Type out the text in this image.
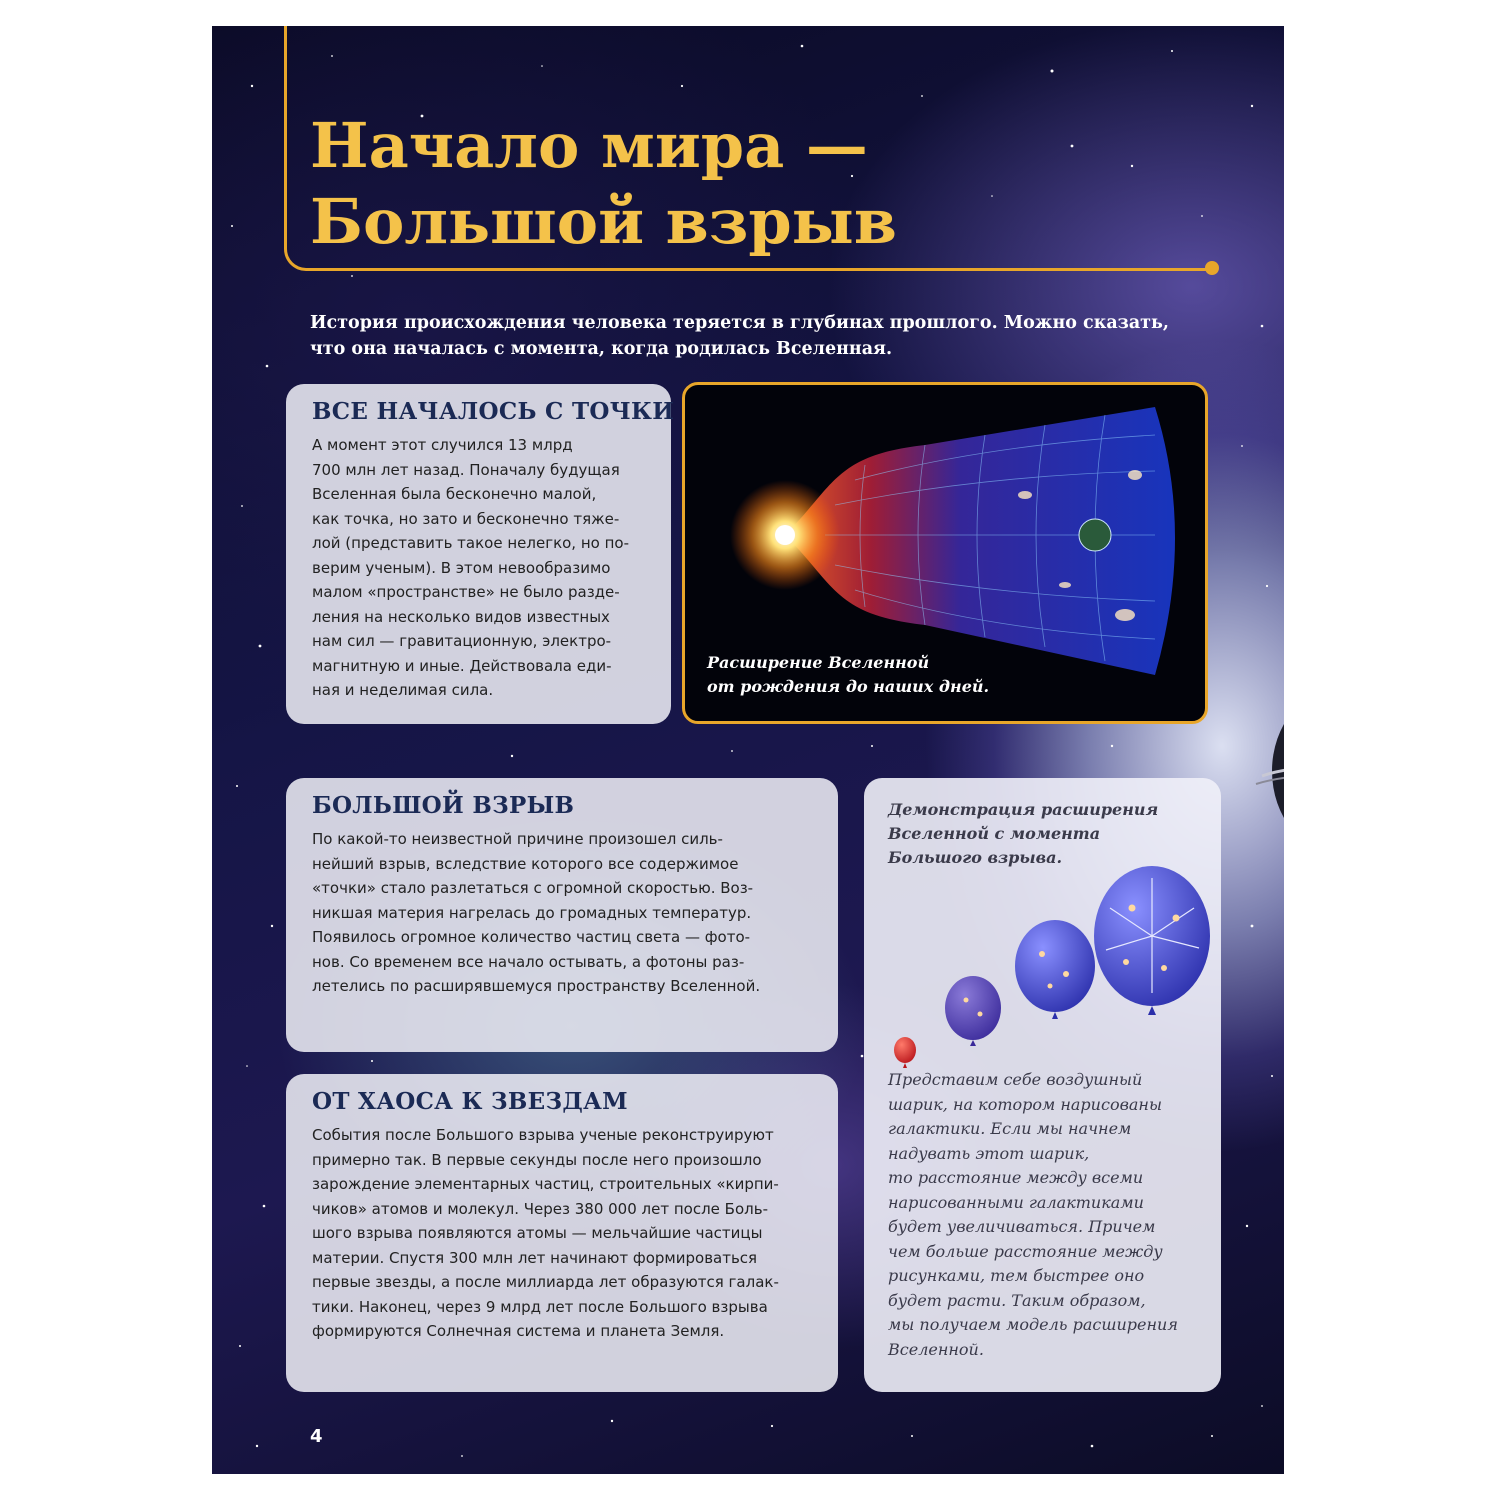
Начало мира —
Большой взрыв

История происхождения человека теряется в глубинах прошлого. Можно сказать,
что она началась с момента, когда родилась Вселенная.

ВСЕ НАЧАЛОСЬ С ТОЧКИ

А момент этот случился 13 млрд
700 млн лет назад. Поначалу будущая
Вселенная была бесконечно малой,
как точка, но зато и бесконечно тяже-
лой (представить такое нелегко, но по-
верим ученым). В этом невообразимо
малом «пространстве» не было разде-
ления на несколько видов известных
нам сил — гравитационную, электро-
магнитную и иные. Действовала еди-
ная и неделимая сила.

Расширение Вселенной
от рождения до наших дней.

БОЛЬШОЙ ВЗРЫВ

По какой-то неизвестной причине произошел силь-
нейший взрыв, вследствие которого все содержимое
«точки» стало разлетаться с огромной скоростью. Воз-
никшая материя нагрелась до громадных температур.
Появилось огромное количество частиц света — фото-
нов. Со временем все начало остывать, а фотоны раз-
летелись по расширявшемуся пространству Вселенной.

ОТ ХАОСА К ЗВЕЗДАМ

События после Большого взрыва ученые реконструируют
примерно так. В первые секунды после него произошло
зарождение элементарных частиц, строительных «кирпи-
чиков» атомов и молекул. Через 380 000 лет после Боль-
шого взрыва появляются атомы — мельчайшие частицы
материи. Спустя 300 млн лет начинают формироваться
первые звезды, а после миллиарда лет образуются галак-
тики. Наконец, через 9 млрд лет после Большого взрыва
формируются Солнечная система и планета Земля.

Демонстрация расширения
Вселенной с момента
Большого взрыва.

Представим себе воздушный
шарик, на котором нарисованы
галактики. Если мы начнем
надувать этот шарик,
то расстояние между всеми
нарисованными галактиками
будет увеличиваться. Причем
чем больше расстояние между
рисунками, тем быстрее оно
будет расти. Таким образом,
мы получаем модель расширения
Вселенной.

4
